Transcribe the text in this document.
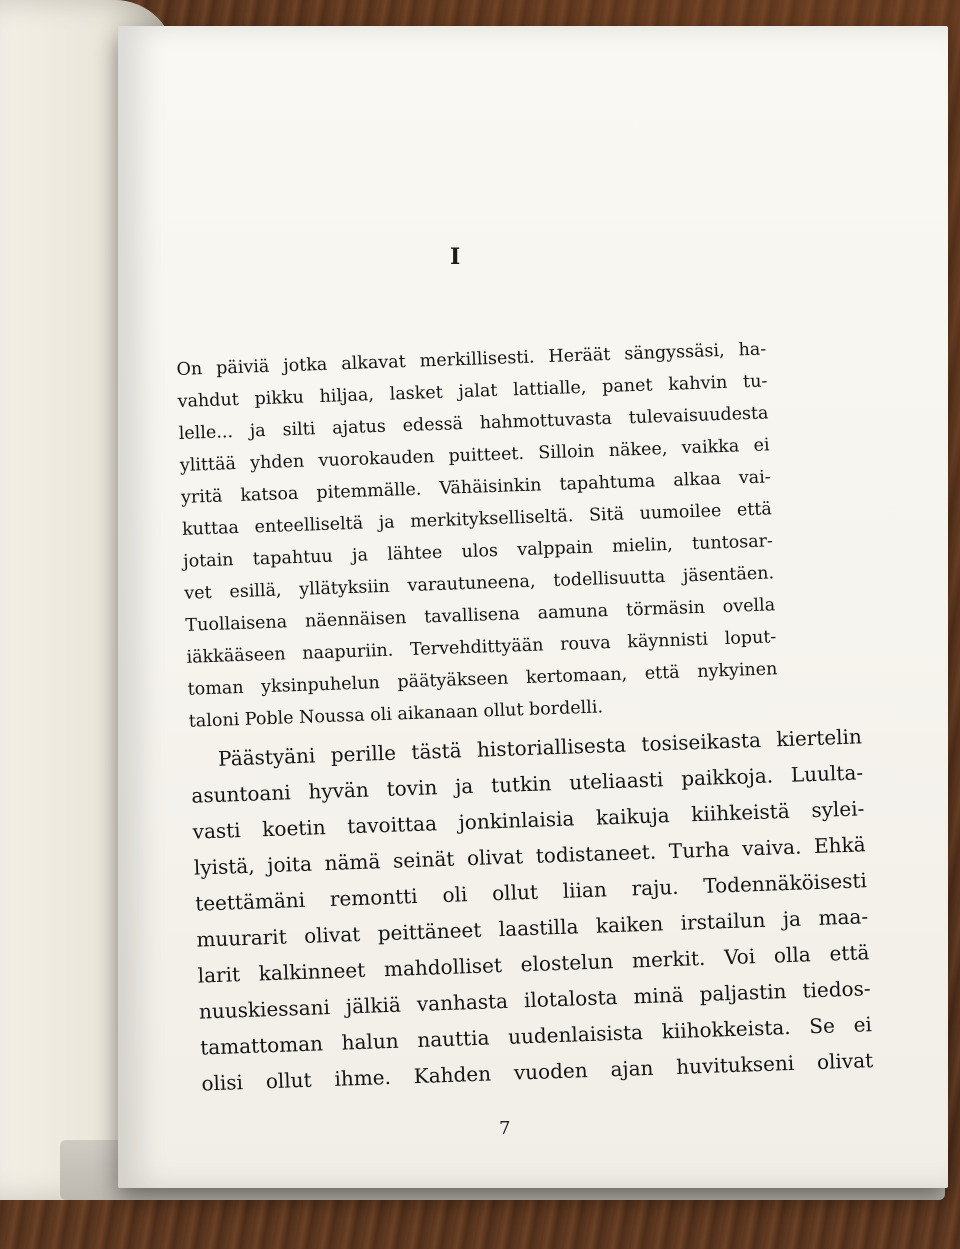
I
On päiviä jotka alkavat merkillisesti. Heräät sängyssäsi, ha-
vahdut pikku hiljaa, lasket jalat lattialle, panet kahvin tu-
lelle... ja silti ajatus edessä hahmottuvasta tulevaisuudesta
ylittää yhden vuorokauden puitteet. Silloin näkee, vaikka ei
yritä katsoa pitemmälle. Vähäisinkin tapahtuma alkaa vai-
kuttaa enteelliseltä ja merkitykselliseltä. Sitä uumoilee että
jotain tapahtuu ja lähtee ulos valppain mielin, tuntosar-
vet esillä, yllätyksiin varautuneena, todellisuutta jäsentäen.
Tuollaisena näennäisen tavallisena aamuna törmäsin ovella
iäkkääseen naapuriin. Tervehdittyään rouva käynnisti loput-
toman yksinpuhelun päätyäkseen kertomaan, että nykyinen
taloni Poble Noussa oli aikanaan ollut bordelli.
Päästyäni perille tästä historiallisesta tosiseikasta kiertelin
asuntoani hyvän tovin ja tutkin uteliaasti paikkoja. Luulta-
vasti koetin tavoittaa jonkinlaisia kaikuja kiihkeistä sylei-
lyistä, joita nämä seinät olivat todistaneet. Turha vaiva. Ehkä
teettämäni remontti oli ollut liian raju. Todennäköisesti
muurarit olivat peittäneet laastilla kaiken irstailun ja maa-
larit kalkinneet mahdolliset elostelun merkit. Voi olla että
nuuskiessani jälkiä vanhasta ilotalosta minä paljastin tiedos-
tamattoman halun nauttia uudenlaisista kiihokkeista. Se ei
olisi ollut ihme. Kahden vuoden ajan huvitukseni olivat
7
